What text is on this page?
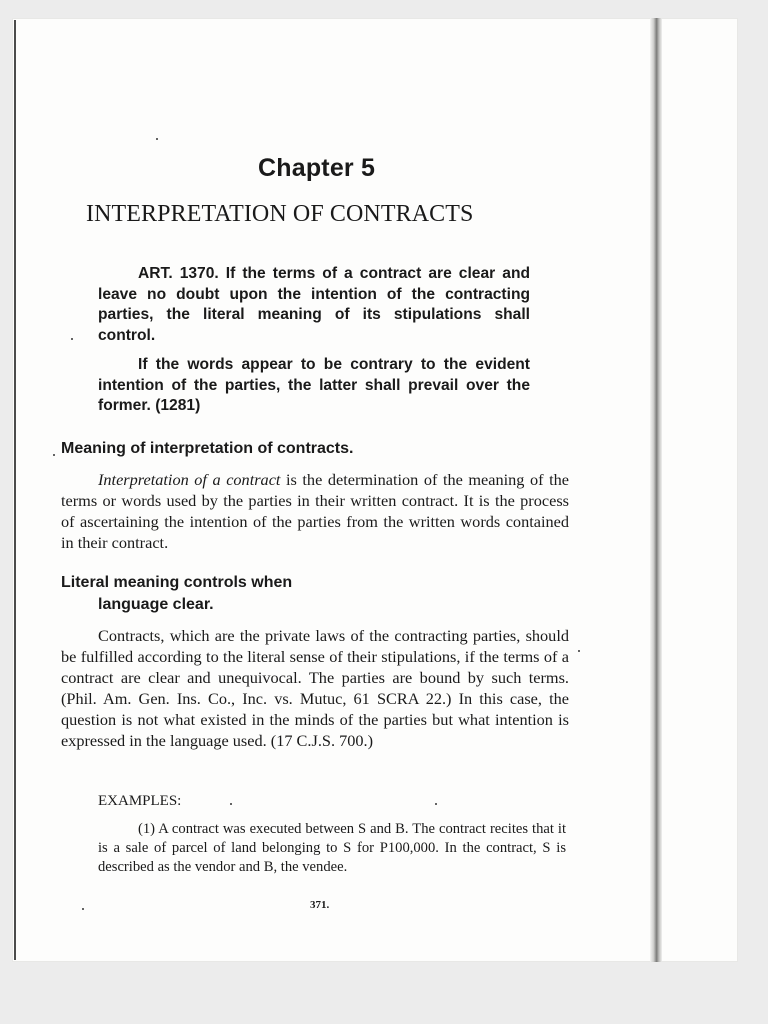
Chapter 5
INTERPRETATION OF CONTRACTS
ART. 1370. If the terms of a contract are clear and leave no doubt upon the intention of the contracting parties, the literal meaning of its stipulations shall control.
If the words appear to be contrary to the evident intention of the parties, the latter shall prevail over the former. (1281)
Meaning of interpretation of contracts.
Interpretation of a contract is the determination of the meaning of the terms or words used by the parties in their written contract. It is the process of ascertaining the intention of the parties from the written words contained in their contract.
Literal meaning controls when
language clear.
Contracts, which are the private laws of the contracting parties, should be fulfilled according to the literal sense of their stipulations, if the terms of a contract are clear and unequivocal. The parties are bound by such terms. (Phil. Am. Gen. Ins. Co., Inc. vs. Mutuc, 61 SCRA 22.) In this case, the question is not what existed in the minds of the parties but what intention is expressed in the language used. (17 C.J.S. 700.)
EXAMPLES:
(1) A contract was executed between S and B. The contract recites that it is a sale of parcel of land belonging to S for P100,000. In the contract, S is described as the vendor and B, the vendee.
371.
